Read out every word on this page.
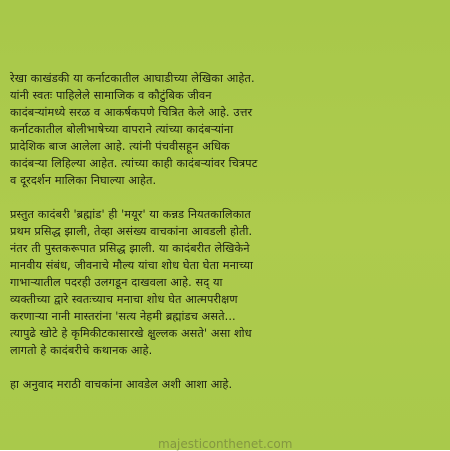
रेखा काखंडकी या कर्नाटकातील आघाडीच्या लेखिका आहेत.
यांनी स्वतः पाहिलेले सामाजिक व कौटुंबिक जीवन
कादंबऱ्यांमध्ये सरळ व आकर्षकपणे चित्रित केले आहे. उत्तर
कर्नाटकातील बोलीभाषेच्या वापराने त्यांच्या कादंबऱ्यांना
प्रादेशिक बाज आलेला आहे. त्यांनी पंचवीसहून अधिक
कादंबऱ्या लिहिल्या आहेत. त्यांच्या काही कादंबऱ्यांवर चित्रपट
व दूरदर्शन मालिका निघाल्या आहेत.

प्रस्तुत कादंबरी 'ब्रह्मांड' ही 'मयूर' या कन्नड नियतकालिकात
प्रथम प्रसिद्ध झाली, तेव्हा असंख्य वाचकांना आवडली होती.
नंतर ती पुस्तकरूपात प्रसिद्ध झाली. या कादंबरीत लेखिकेने
मानवीय संबंध, जीवनाचे मौल्य यांचा शोध घेता घेता मनाच्या
गाभाऱ्यातील पदरही उलगडून दाखवला आहे. सद् या
व्यक्तीच्या द्वारे स्वतःच्याच मनाचा शोध घेत आत्मपरीक्षण
करणाऱ्या नानी मास्तरांना 'सत्य नेहमी ब्रह्मांडच असते...
त्यापुढे खोटे हे कृमिकीटकासारखे क्षुल्लक असते' असा शोध
लागतो हे कादंबरीचे कथानक आहे.

हा अनुवाद मराठी वाचकांना आवडेल अशी आशा आहे.

majesticonthenet.com
